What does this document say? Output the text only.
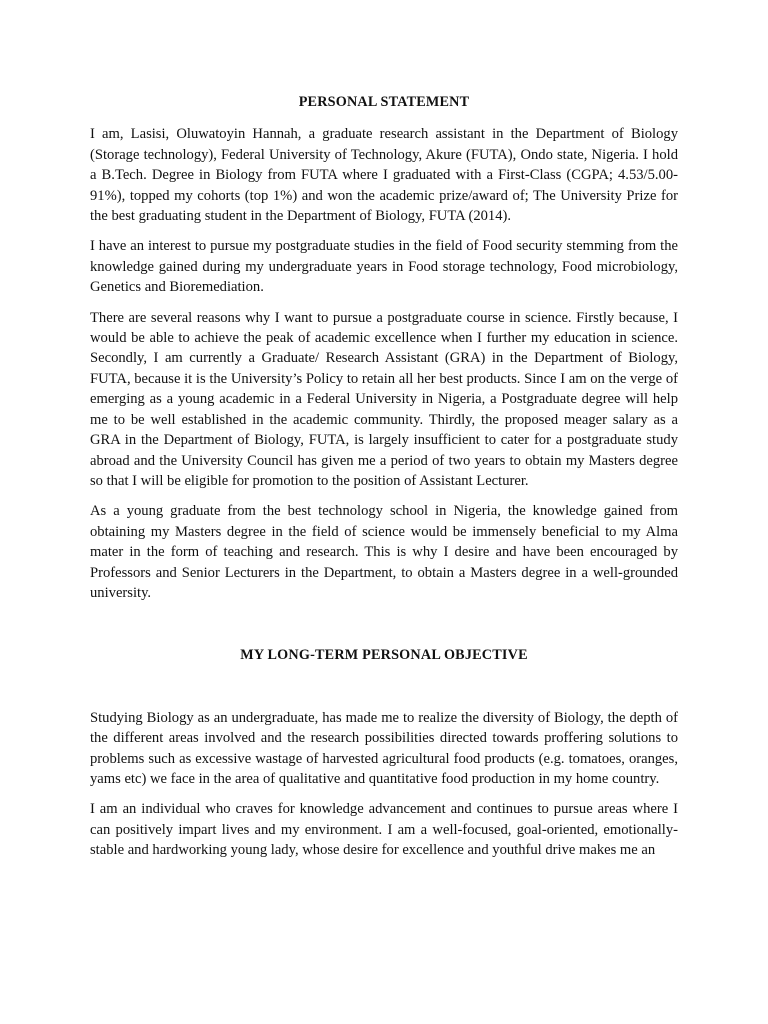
PERSONAL STATEMENT

I am, Lasisi, Oluwatoyin Hannah, a graduate research assistant in the Department of Biology (Storage technology), Federal University of Technology, Akure (FUTA), Ondo state, Nigeria. I hold a B.Tech. Degree in Biology from FUTA where I graduated with a First-Class (CGPA; 4.53/5.00-91%), topped my cohorts (top 1%) and won the academic prize/award of; The University Prize for the best graduating student in the Department of Biology, FUTA (2014).

I have an interest to pursue my postgraduate studies in the field of Food security stemming from the knowledge gained during my undergraduate years in Food storage technology, Food microbiology, Genetics and Bioremediation.

There are several reasons why I want to pursue a postgraduate course in science. Firstly because, I would be able to achieve the peak of academic excellence when I further my education in science. Secondly, I am currently a Graduate/ Research Assistant (GRA) in the Department of Biology, FUTA, because it is the University’s Policy to retain all her best products. Since I am on the verge of emerging as a young academic in a Federal University in Nigeria, a Postgraduate degree will help me to be well established in the academic community. Thirdly, the proposed meager salary as a GRA in the Department of Biology, FUTA, is largely insufficient to cater for a postgraduate study abroad and the University Council has given me a period of two years to obtain my Masters degree so that I will be eligible for promotion to the position of Assistant Lecturer.

As a young graduate from the best technology school in Nigeria, the knowledge gained from obtaining my Masters degree in the field of science would be immensely beneficial to my Alma mater in the form of teaching and research. This is why I desire and have been encouraged by Professors and Senior Lecturers in the Department, to obtain a Masters degree in a well-grounded university.

MY LONG-TERM PERSONAL OBJECTIVE

Studying Biology as an undergraduate, has made me to realize the diversity of Biology, the depth of the different areas involved and the research possibilities directed towards proffering solutions to problems such as excessive wastage of harvested agricultural food products (e.g. tomatoes, oranges, yams etc) we face in the area of qualitative and quantitative food production in my home country.

I am an individual who craves for knowledge advancement and continues to pursue areas where I can positively impart lives and my environment. I am a well-focused, goal-oriented, emotionally-stable and hardworking young lady, whose desire for excellence and youthful drive makes me an
